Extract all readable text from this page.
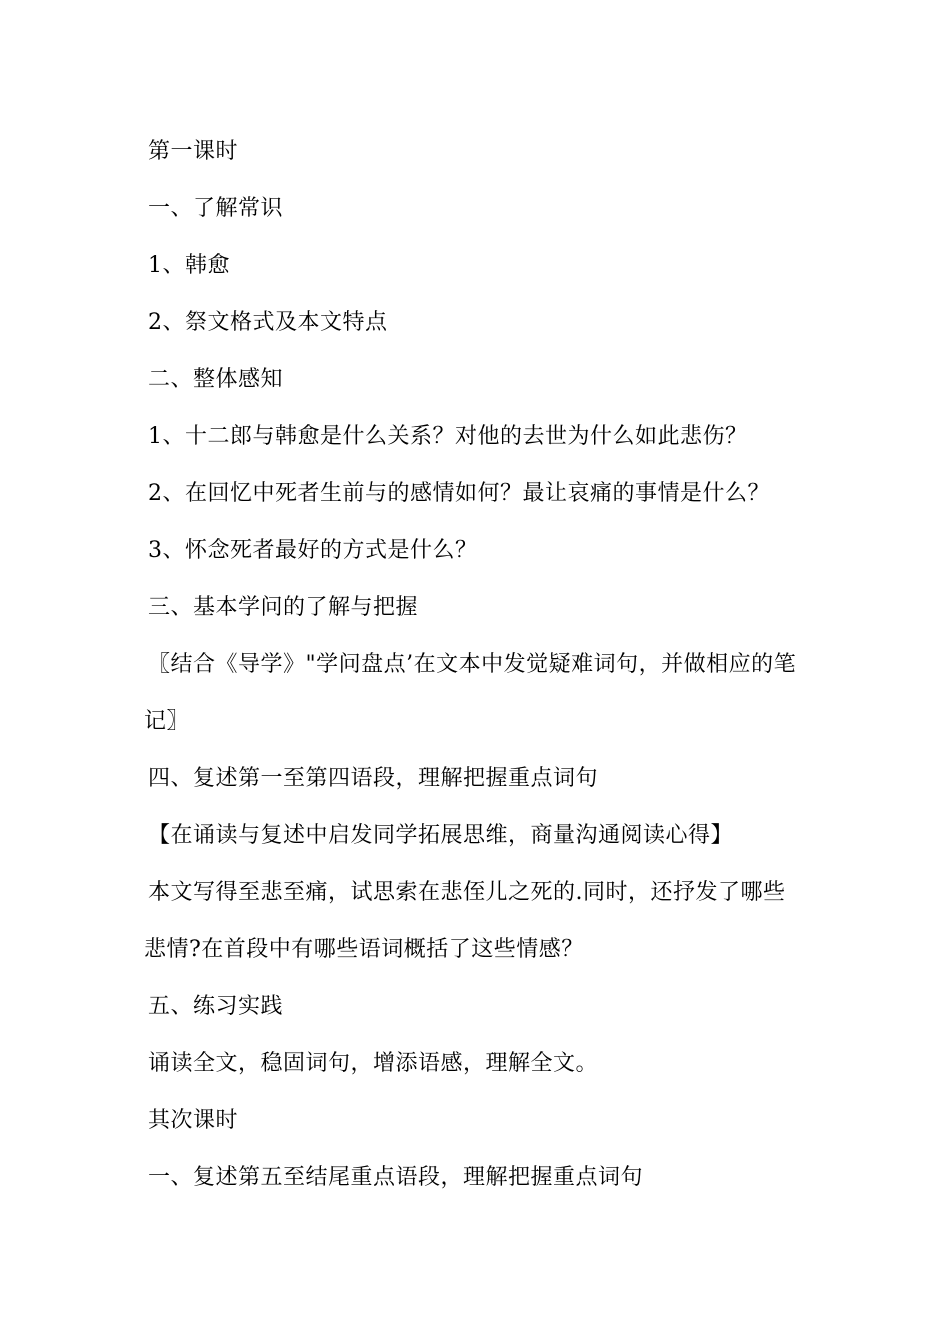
第一课时
一、了解常识
1、韩愈
2、祭文格式及本文特点
二、整体感知
1、十二郎与韩愈是什么关系？对他的去世为什么如此悲伤？
2、在回忆中死者生前与的感情如何？最让哀痛的事情是什么？
3、怀念死者最好的方式是什么？
三、基本学问的了解与把握
〖结合《导学》"学问盘点’在文本中发觉疑难词句，并做相应的笔
记〗
四、复述第一至第四语段，理解把握重点词句
【在诵读与复述中启发同学拓展思维，商量沟通阅读心得】
本文写得至悲至痛，试思索在悲侄儿之死的.同时，还抒发了哪些
悲情?在首段中有哪些语词概括了这些情感？
五、练习实践
诵读全文，稳固词句，增添语感，理解全文。
其次课时
一、复述第五至结尾重点语段，理解把握重点词句
